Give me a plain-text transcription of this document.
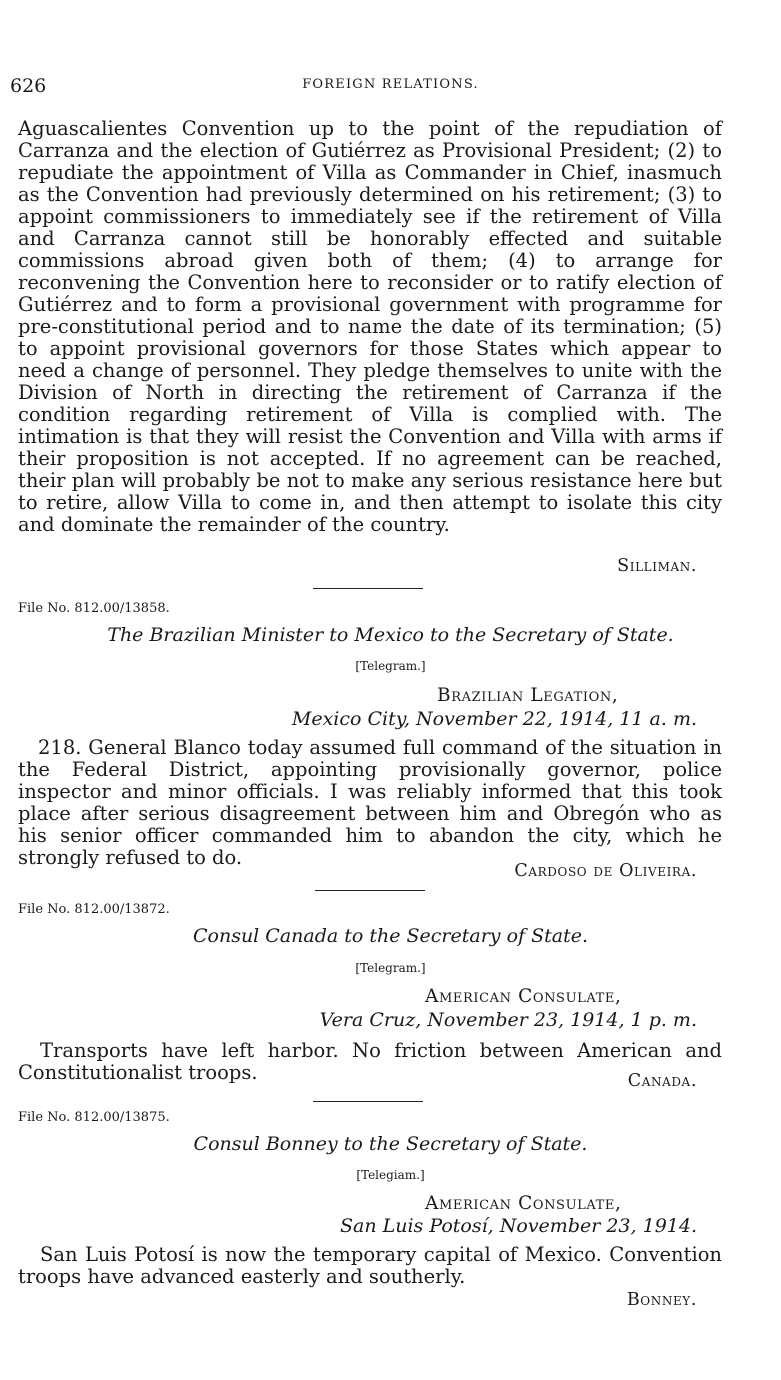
626	FOREIGN RELATIONS.

Aguascalientes Convention up to the point of the repudiation of Carranza and the election of Gutiérrez as Provisional President; (2) to repudiate the appointment of Villa as Commander in Chief, inasmuch as the Convention had previously determined on his retirement; (3) to appoint commissioners to immediately see if the retirement of Villa and Carranza cannot still be honorably effected and suitable commissions abroad given both of them; (4) to arrange for reconvening the Convention here to reconsider or to ratify election of Gutiérrez and to form a provisional government with programme for pre-constitutional period and to name the date of its termination; (5) to appoint provisional governors for those States which appear to need a change of personnel. They pledge themselves to unite with the Division of North in directing the retirement of Carranza if the condition regarding retirement of Villa is complied with. The intimation is that they will resist the Convention and Villa with arms if their proposition is not accepted. If no agreement can be reached, their plan will probably be not to make any serious resistance here but to retire, allow Villa to come in, and then attempt to isolate this city and dominate the remainder of the country.

Silliman.
File No. 812.00/13858.
The Brazilian Minister to Mexico to the Secretary of State.
[Telegram.]
Brazilian Legation,
Mexico City, November 22, 1914, 11 a. m.

218. General Blanco today assumed full command of the situation in the Federal District, appointing provisionally governor, police inspector and minor officials. I was reliably informed that this took place after serious disagreement between him and Obregón who as his senior officer commanded him to abandon the city, which he strongly refused to do.

Cardoso de Oliveira.
File No. 812.00/13872.
Consul Canada to the Secretary of State.
[Telegram.]
American Consulate,
Vera Cruz, November 23, 1914, 1 p. m.

Transports have left harbor. No friction between American and Constitutionalist troops.	Canada.
File No. 812.00/13875.
Consul Bonney to the Secretary of State.
[Telegiam.]
American Consulate,
San Luis Potosí, November 23, 1914.

San Luis Potosí is now the temporary capital of Mexico. Convention troops have advanced easterly and southerly.

Bonney.
